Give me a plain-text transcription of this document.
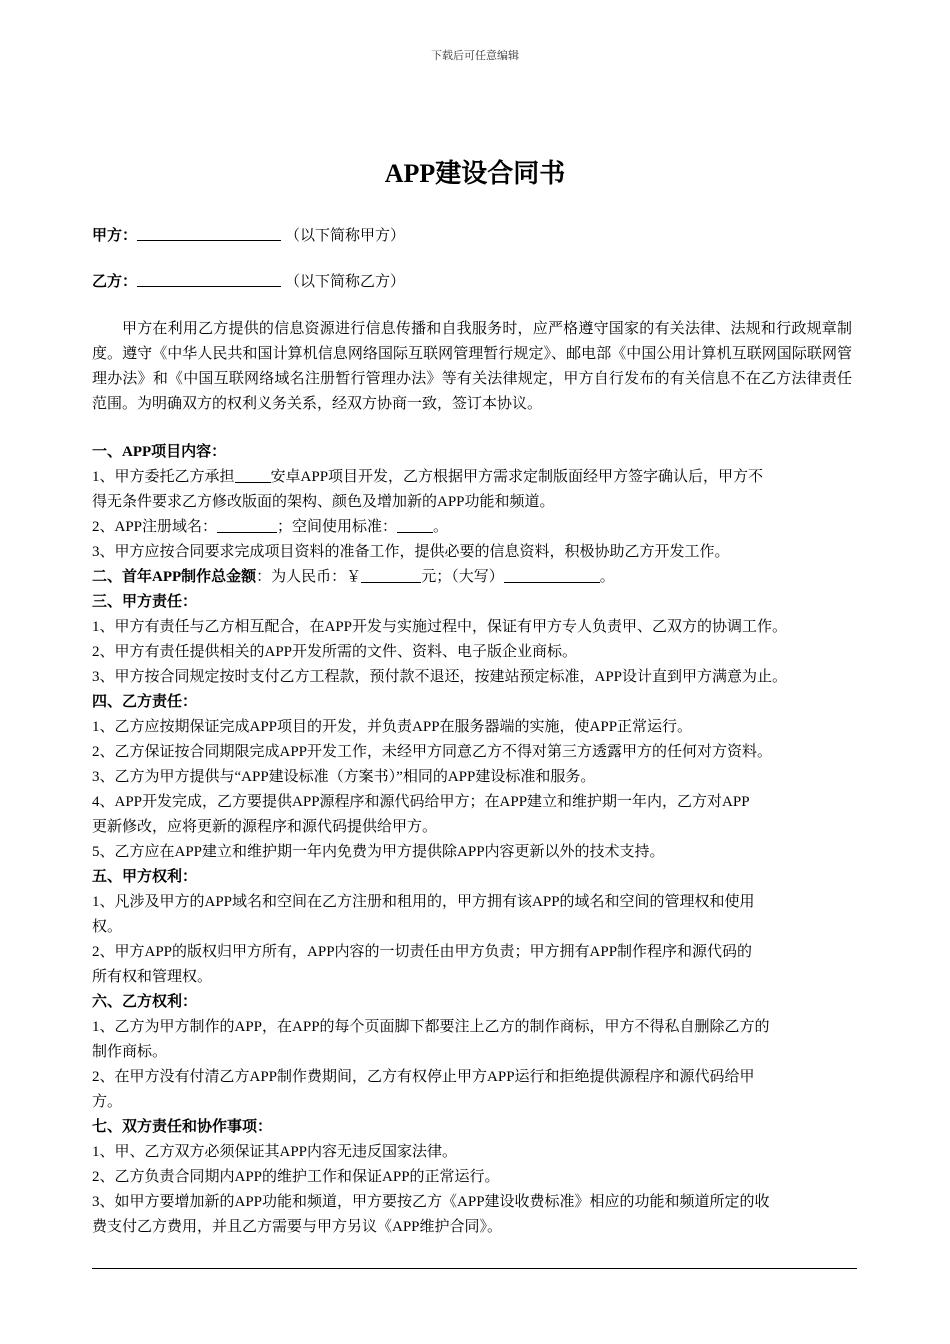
下载后可任意编辑
APP建设合同书
甲方：	（以下简称甲方）
乙方：	（以下简称乙方）
甲方在利用乙方提供的信息资源进行信息传播和自我服务时，应严格遵守国家的有关法律、法规和行政规章制度。遵守《中华人民共和国计算机信息网络国际互联网管理暂行规定》、邮电部《中国公用计算机互联网国际联网管理办法》和《中国互联网络域名注册暂行管理办法》等有关法律规定，甲方自行发布的有关信息不在乙方法律责任范围。为明确双方的权利义务关系，经双方协商一致，签订本协议。
一、APP项目内容：
1、甲方委托乙方承担 安卓APP项目开发，乙方根据甲方需求定制版面经甲方签字确认后，甲方不
得无条件要求乙方修改版面的架构、颜色及增加新的APP功能和频道。
2、APP注册域名：	；空间使用标准： 。
3、甲方应按合同要求完成项目资料的准备工作，提供必要的信息资料，积极协助乙方开发工作。
二、首年APP制作总金额：为人民币：￥	元；（大写）	。
三、甲方责任：
1、甲方有责任与乙方相互配合，在APP开发与实施过程中，保证有甲方专人负责甲、乙双方的协调工作。
2、甲方有责任提供相关的APP开发所需的文件、资料、电子版企业商标。
3、甲方按合同规定按时支付乙方工程款，预付款不退还，按建站预定标准，APP设计直到甲方满意为止。
四、乙方责任：
1、乙方应按期保证完成APP项目的开发，并负责APP在服务器端的实施，使APP正常运行。
2、乙方保证按合同期限完成APP开发工作，未经甲方同意乙方不得对第三方透露甲方的任何对方资料。
3、乙方为甲方提供与“APP建设标准（方案书）”相同的APP建设标准和服务。
4、APP开发完成，乙方要提供APP源程序和源代码给甲方；在APP建立和维护期一年内，乙方对APP
更新修改，应将更新的源程序和源代码提供给甲方。
5、乙方应在APP建立和维护期一年内免费为甲方提供除APP内容更新以外的技术支持。
五、甲方权利：
1、凡涉及甲方的APP域名和空间在乙方注册和租用的，甲方拥有该APP的域名和空间的管理权和使用
权。
2、甲方APP的版权归甲方所有，APP内容的一切责任由甲方负责；甲方拥有APP制作程序和源代码的
所有权和管理权。
六、乙方权利：
1、乙方为甲方制作的APP，在APP的每个页面脚下都要注上乙方的制作商标，甲方不得私自删除乙方的
制作商标。
2、在甲方没有付清乙方APP制作费期间，乙方有权停止甲方APP运行和拒绝提供源程序和源代码给甲
方。
七、双方责任和协作事项：
1、甲、乙方双方必须保证其APP内容无违反国家法律。
2、乙方负责合同期内APP的维护工作和保证APP的正常运行。
3、如甲方要增加新的APP功能和频道，甲方要按乙方《APP建设收费标准》相应的功能和频道所定的收
费支付乙方费用，并且乙方需要与甲方另议《APP维护合同》。
